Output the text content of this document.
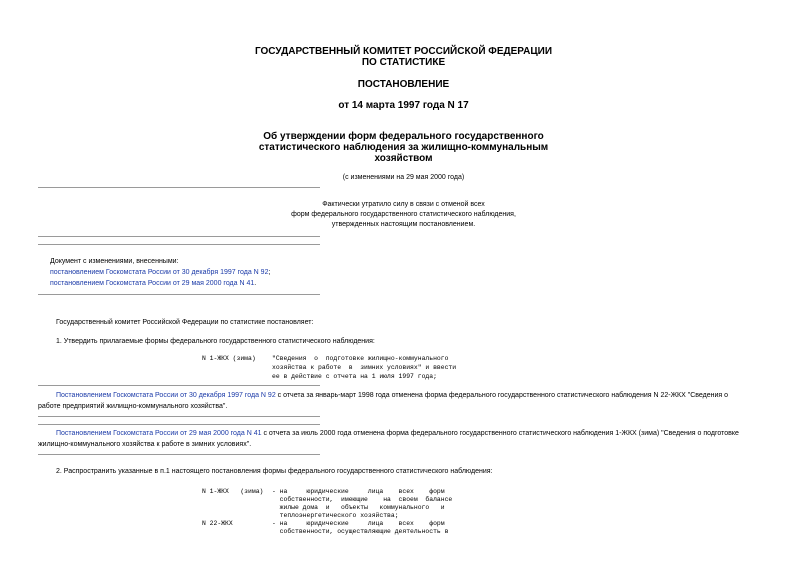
ГОСУДАРСТВЕННЫЙ КОМИТЕТ РОССИЙСКОЙ ФЕДЕРАЦИИ
ПО СТАТИСТИКЕ
ПОСТАНОВЛЕНИЕ
от 14 марта 1997 года N 17
Об утверждении форм федерального государственного
статистического наблюдения за жилищно-коммунальным
хозяйством
(с изменениями на 29 мая 2000 года)
Фактически утратило силу в связи с отменой всех
форм федерального государственного статистического наблюдения,
утвержденных настоящим постановлением.
Документ с изменениями, внесенными:
постановлением Госкомстата России от 30 декабря 1997 года N 92;
постановлением Госкомстата России от 29 мая 2000 года N 41.
Государственный комитет Российской Федерации по статистике постановляет:
1. Утвердить прилагаемые формы федерального государственного статистического наблюдения:
N 1-ЖКХ (зима)	"Сведения  о  подготовке жилищно-коммунального
хозяйства к работе  в  зимних условиях" и ввести
ее в действие с отчета на 1 июля 1997 года;
Постановлением Госкомстата России от 30 декабря 1997 года N 92 с отчета за январь-март 1998 года отменена форма федерального государственного статистического наблюдения N 22-ЖКХ "Сведения о
работе предприятий жилищно-коммунального хозяйства".
Постановлением Госкомстата России от 29 мая 2000 года N 41 с отчета за июль 2000 года отменена форма федерального государственного статистического наблюдения 1-ЖКХ (зима) "Сведения о подготовке
жилищно-коммунального хозяйства к работе в зимних условиях".
2. Распространить указанные в п.1 настоящего постановления формы федерального государственного статистического наблюдения:
N 1-ЖКХ   (зима) - на     юридические     лица    всех    форм
собственности,  имеющие    на  своем  балансе
жилые дома  и   объекты   коммунального   и
теплоэнергетического хозяйства;
N 22-ЖКХ	- на     юридические     лица    всех    форм
собственности, осуществляющие деятельность в
